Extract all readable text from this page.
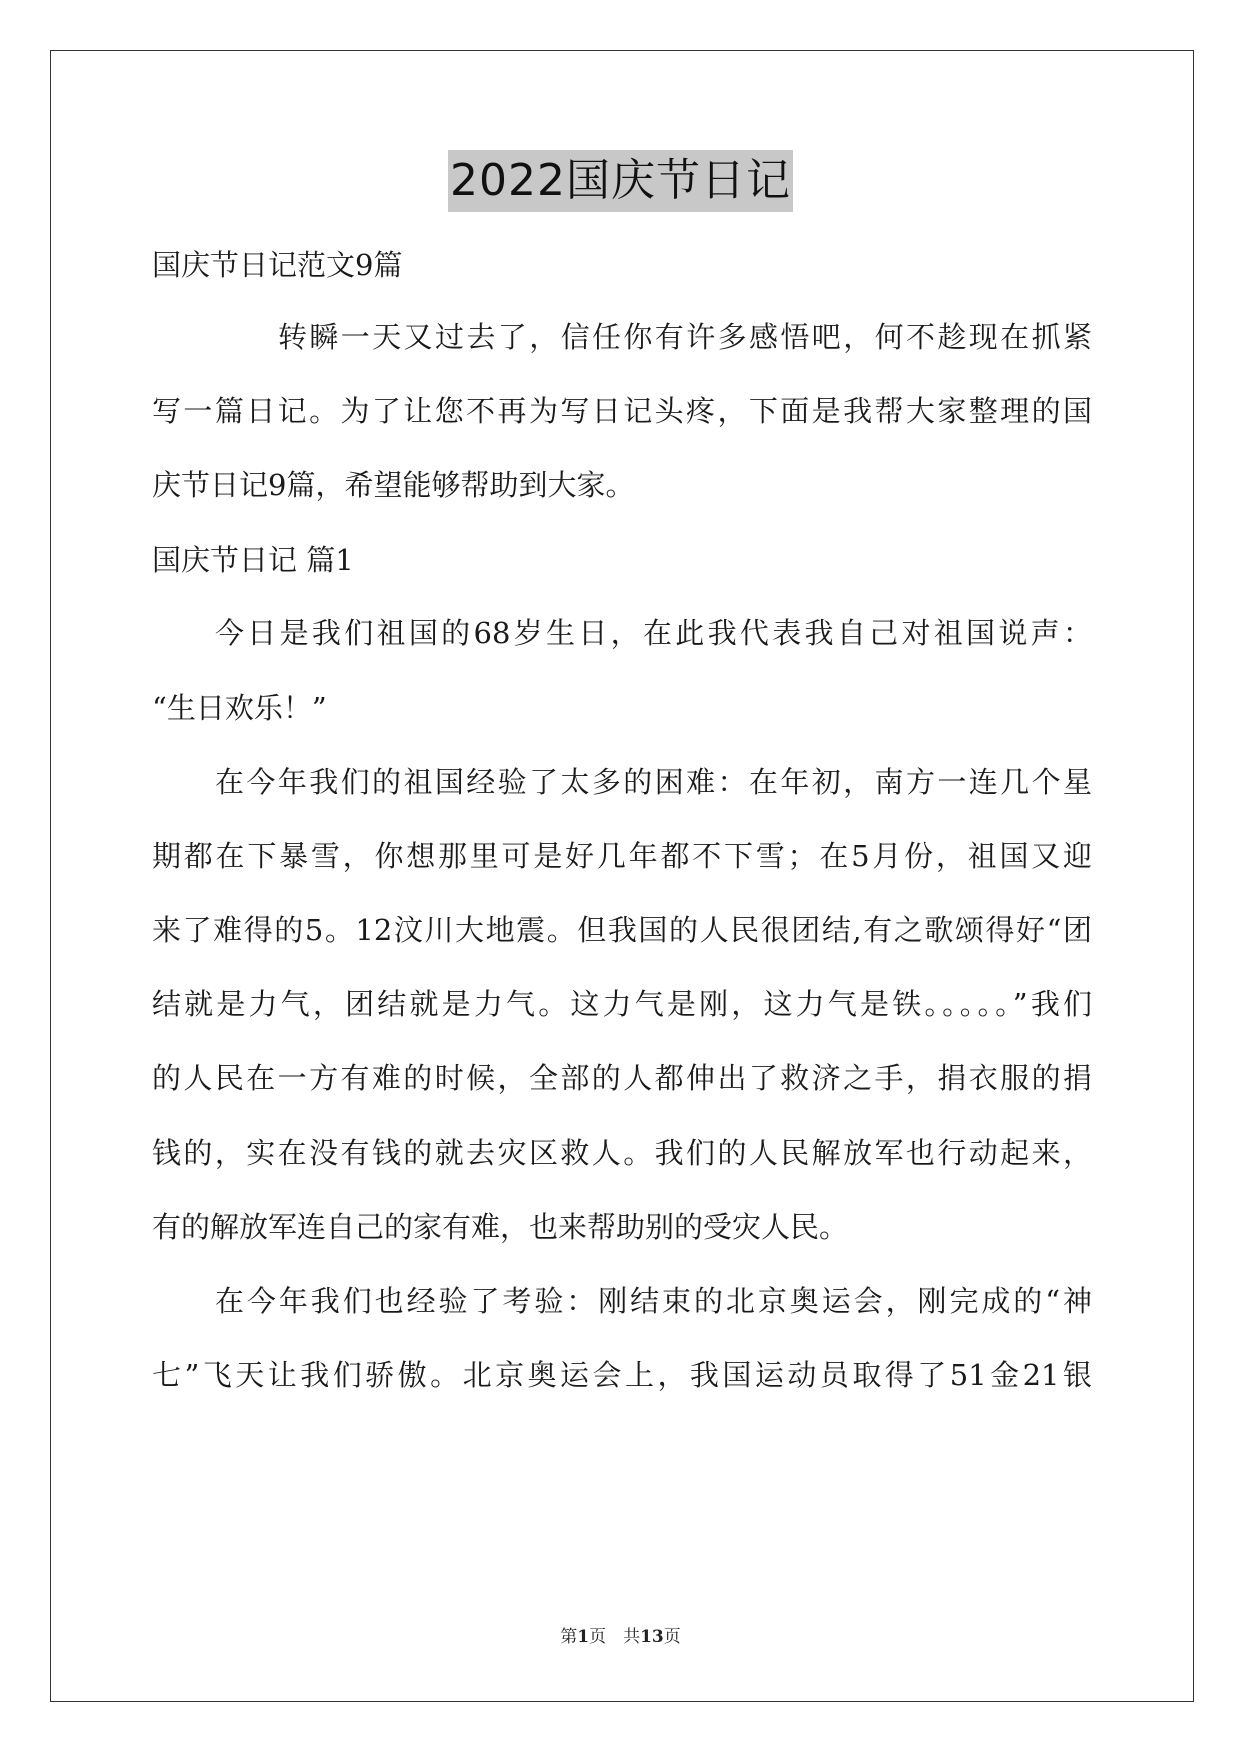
2022国庆节日记
国庆节日记范文9篇
转瞬一天又过去了，信任你有许多感悟吧，何不趁现在抓紧
写一篇日记。为了让您不再为写日记头疼，下面是我帮大家整理的国
庆节日记9篇，希望能够帮助到大家。
国庆节日记 篇1
今日是我们祖国的68岁生日，在此我代表我自己对祖国说声：
“生日欢乐！”
在今年我们的祖国经验了太多的困难：在年初，南方一连几个星
期都在下暴雪，你想那里可是好几年都不下雪；在5月份，祖国又迎
来了难得的5。12汶川大地震。但我国的人民很团结,有之歌颂得好“团
结就是力气，团结就是力气。这力气是刚，这力气是铁。。。。。”我们
的人民在一方有难的时候，全部的人都伸出了救济之手，捐衣服的捐
钱的，实在没有钱的就去灾区救人。我们的人民解放军也行动起来，
有的解放军连自己的家有难，也来帮助别的受灾人民。
在今年我们也经验了考验：刚结束的北京奥运会，刚完成的“神
七”飞天让我们骄傲。北京奥运会上，我国运动员取得了51金21银
第1页　共13页
